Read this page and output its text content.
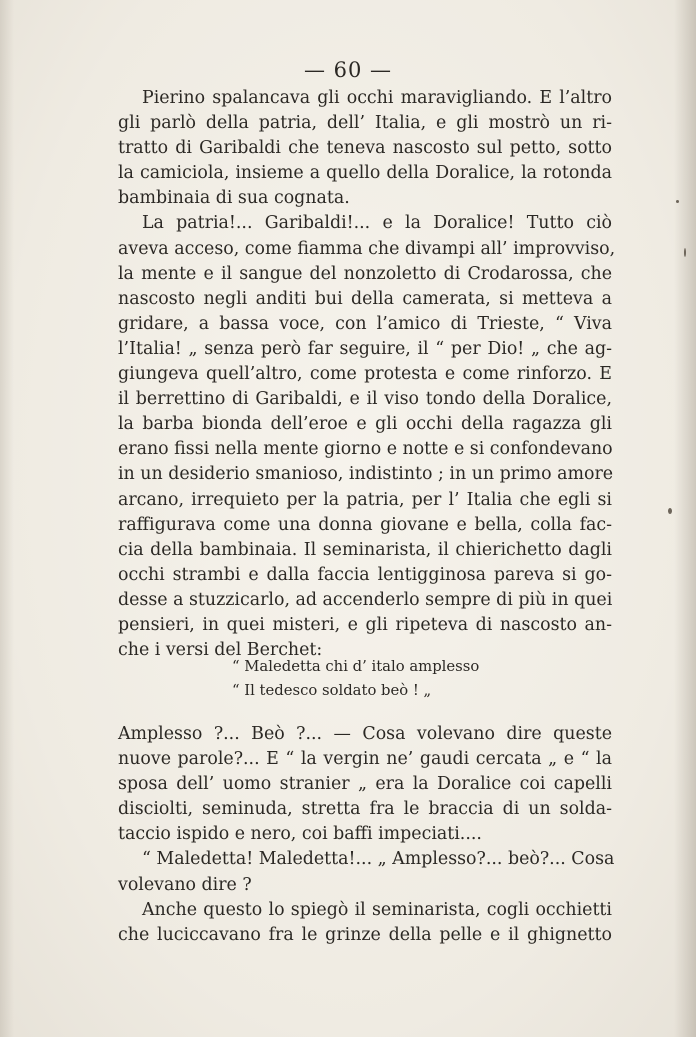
— 60 —
Pierino spalancava gli occhi maravigliando. E l’altro
gli parlò della patria, dell’ Italia, e gli mostrò un ri-
tratto di Garibaldi che teneva nascosto sul petto, sotto
la camiciola, insieme a quello della Doralice, la rotonda
bambinaia di sua cognata.
La patria!... Garibaldi!... e la Doralice! Tutto ciò
aveva acceso, come fiamma che divampi all’ improvviso,
la mente e il sangue del nonzoletto di Crodarossa, che
nascosto negli anditi bui della camerata, si metteva a
gridare, a bassa voce, con l’amico di Trieste, “ Viva
l’Italia! „ senza però far seguire, il “ per Dio! „ che ag-
giungeva quell’altro, come protesta e come rinforzo. E
il berrettino di Garibaldi, e il viso tondo della Doralice,
la barba bionda dell’eroe e gli occhi della ragazza gli
erano fissi nella mente giorno e notte e si confondevano
in un desiderio smanioso, indistinto ; in un primo amore
arcano, irrequieto per la patria, per l’ Italia che egli si
raffigurava come una donna giovane e bella, colla fac-
cia della bambinaia. Il seminarista, il chierichetto dagli
occhi strambi e dalla faccia lentigginosa pareva si go-
desse a stuzzicarlo, ad accenderlo sempre di più in quei
pensieri, in quei misteri, e gli ripeteva di nascosto an-
che i versi del Berchet:
“ Maledetta chi d’ italo amplesso
“ Il tedesco soldato beò ! „
Amplesso ?... Beò ?... — Cosa volevano dire queste
nuove parole?... E “ la vergin ne’ gaudi cercata „ e “ la
sposa dell’ uomo stranier „ era la Doralice coi capelli
disciolti, seminuda, stretta fra le braccia di un solda-
taccio ispido e nero, coi baffi impeciati....
“ Maledetta! Maledetta!... „ Amplesso?... beò?... Cosa
volevano dire ?
Anche questo lo spiegò il seminarista, cogli occhietti
che luciccavano fra le grinze della pelle e il ghignetto
